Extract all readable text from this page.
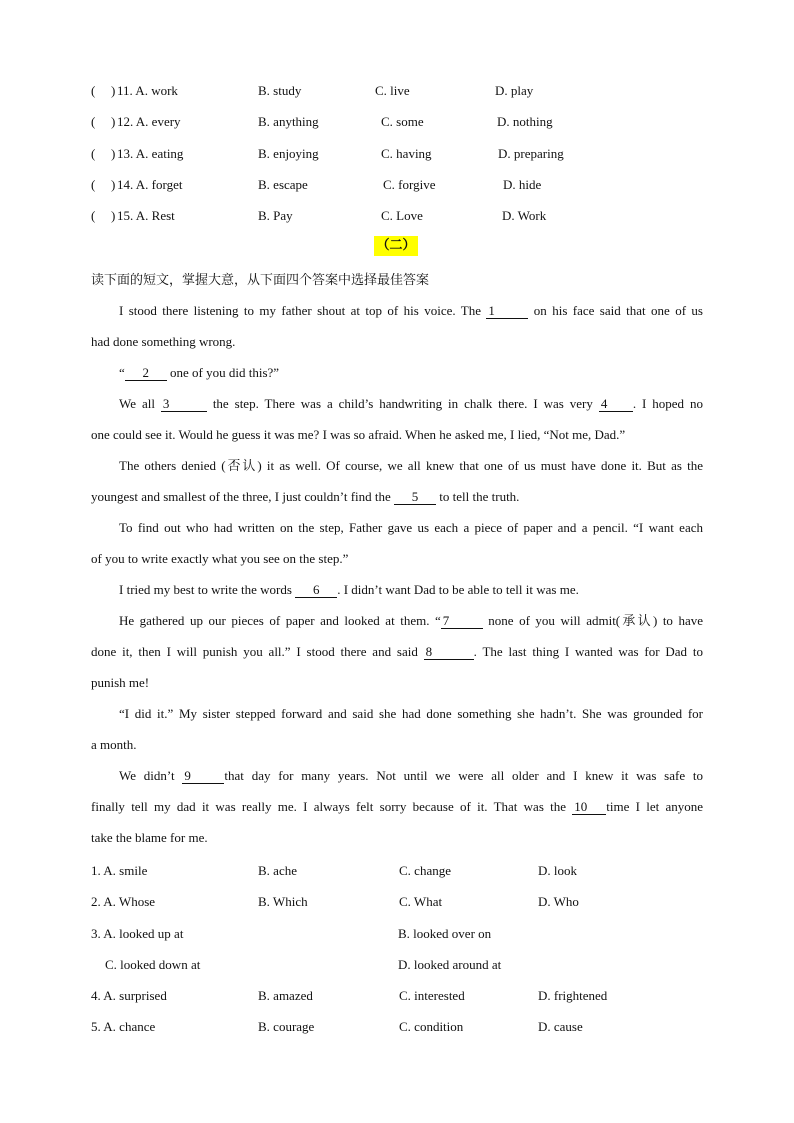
( ) 11. A. work	B. study	C. live	D. play
( ) 12. A. every	B. anything	C. some	D. nothing
( ) 13. A. eating	B. enjoying	C. having	D. preparing
( ) 14. A. forget	B. escape	C. forgive	D. hide
( ) 15. A. Rest	B. Pay	C. Love	D. Work
（二）
读下面的短文，掌握大意，从下面四个答案中选择最佳答案
I stood there listening to my father shout at top of his voice. The 1	on his face said that one of us
had done something wrong.
“ 2 one of you did this?”
We all 3	the step. There was a child’s handwriting in chalk there. I was very 4 . I hoped no
one could see it. Would he guess it was me? I was so afraid. When he asked me, I lied, “Not me, Dad.”
The others denied (否认) it as well. Of course, we all knew that one of us must have done it. But as the
youngest and smallest of the three, I just couldn’t find the 5 to tell the truth.
To find out who had written on the step, Father gave us each a piece of paper and a pencil. “I want each
of you to write exactly what you see on the step.”
I tried my best to write the words 6 . I didn’t want Dad to be able to tell it was me.
He gathered up our pieces of paper and looked at them. “ 7	none of you will admit(承认) to have
done it, then I will punish you all.” I stood there and said 8	. The last thing I wanted was for Dad to
punish me!
“I did it.” My sister stepped forward and said she had done something she hadn’t. She was grounded for
a month.
We didn’t 9	that day for many years. Not until we were all older and I knew it was safe to
finally tell my dad it was really me. I always felt sorry because of it. That was the 10 time I let anyone
take the blame for me.
1. A. smile	B. ache	C. change	D. look
2. A. Whose	B. Which	C. What	D. Who
3. A. looked up at	B. looked over on
C. looked down at	D. looked around at
4. A. surprised	B. amazed	C. interested	D. frightened
5. A. chance	B. courage	C. condition	D. cause
